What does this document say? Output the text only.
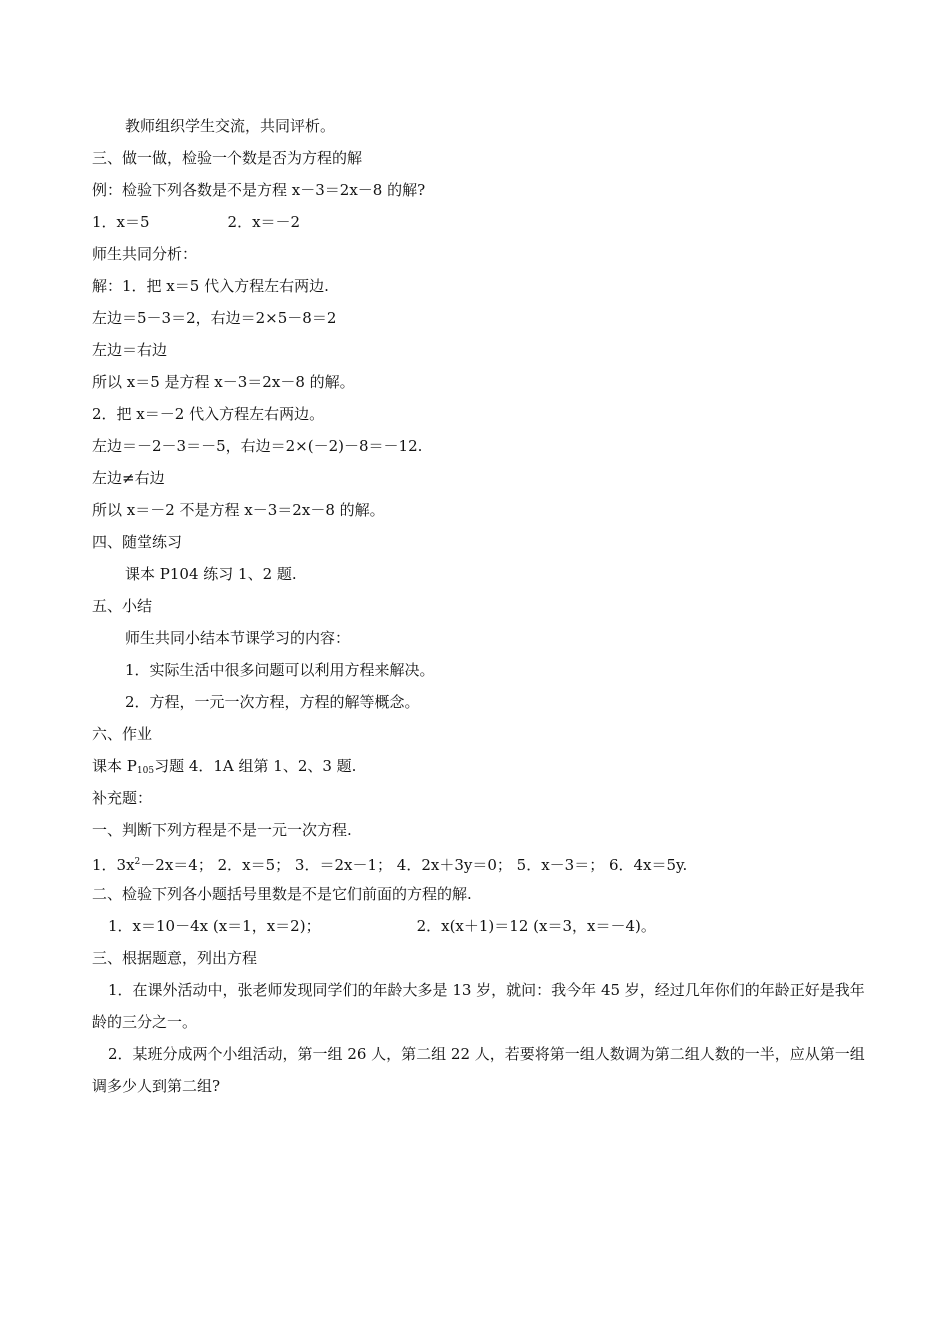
教师组织学生交流，共同评析。
三、做一做，检验一个数是否为方程的解
例：检验下列各数是不是方程 x－3＝2x－8 的解?
1．x＝5	2．x＝－2
师生共同分析：
解：1．把 x＝5 代入方程左右两边.
左边＝5－3＝2，右边＝2×5－8＝2
左边＝右边
所以 x＝5 是方程 x－3＝2x－8 的解。
2．把 x＝－2 代入方程左右两边。
左边＝－2－3＝－5，右边＝2×(－2)－8＝－12.
左边≠右边
所以 x＝－2 不是方程 x－3＝2x－8 的解。
四、随堂练习
课本 P104 练习 1、2 题.
五、小结
师生共同小结本节课学习的内容：
1．实际生活中很多问题可以利用方程来解决。
2．方程，一元一次方程，方程的解等概念。
六、作业
课本 $P_{105}$习题 4．1A 组第 1、2、3 题.
补充题：
一、判断下列方程是不是一元一次方程.
1．$3x^2-2x=4$； 2．x＝5； 3．＝2x－1； 4．2x＋3y＝0； 5．x－3＝； 6．4x＝5y.
二、检验下列各小题括号里数是不是它们前面的方程的解.
1．x＝10－4x (x＝1，x＝2)；	2．x(x＋1)＝12 (x＝3，x＝－4)。
三、根据题意，列出方程
1．在课外活动中，张老师发现同学们的年龄大多是 13 岁，就问：我今年 45 岁，经过几年你们的年龄正好是我年龄的三分之一。
2．某班分成两个小组活动，第一组 26 人，第二组 22 人，若要将第一组人数调为第二组人数的一半，应从第一组调多少人到第二组?
